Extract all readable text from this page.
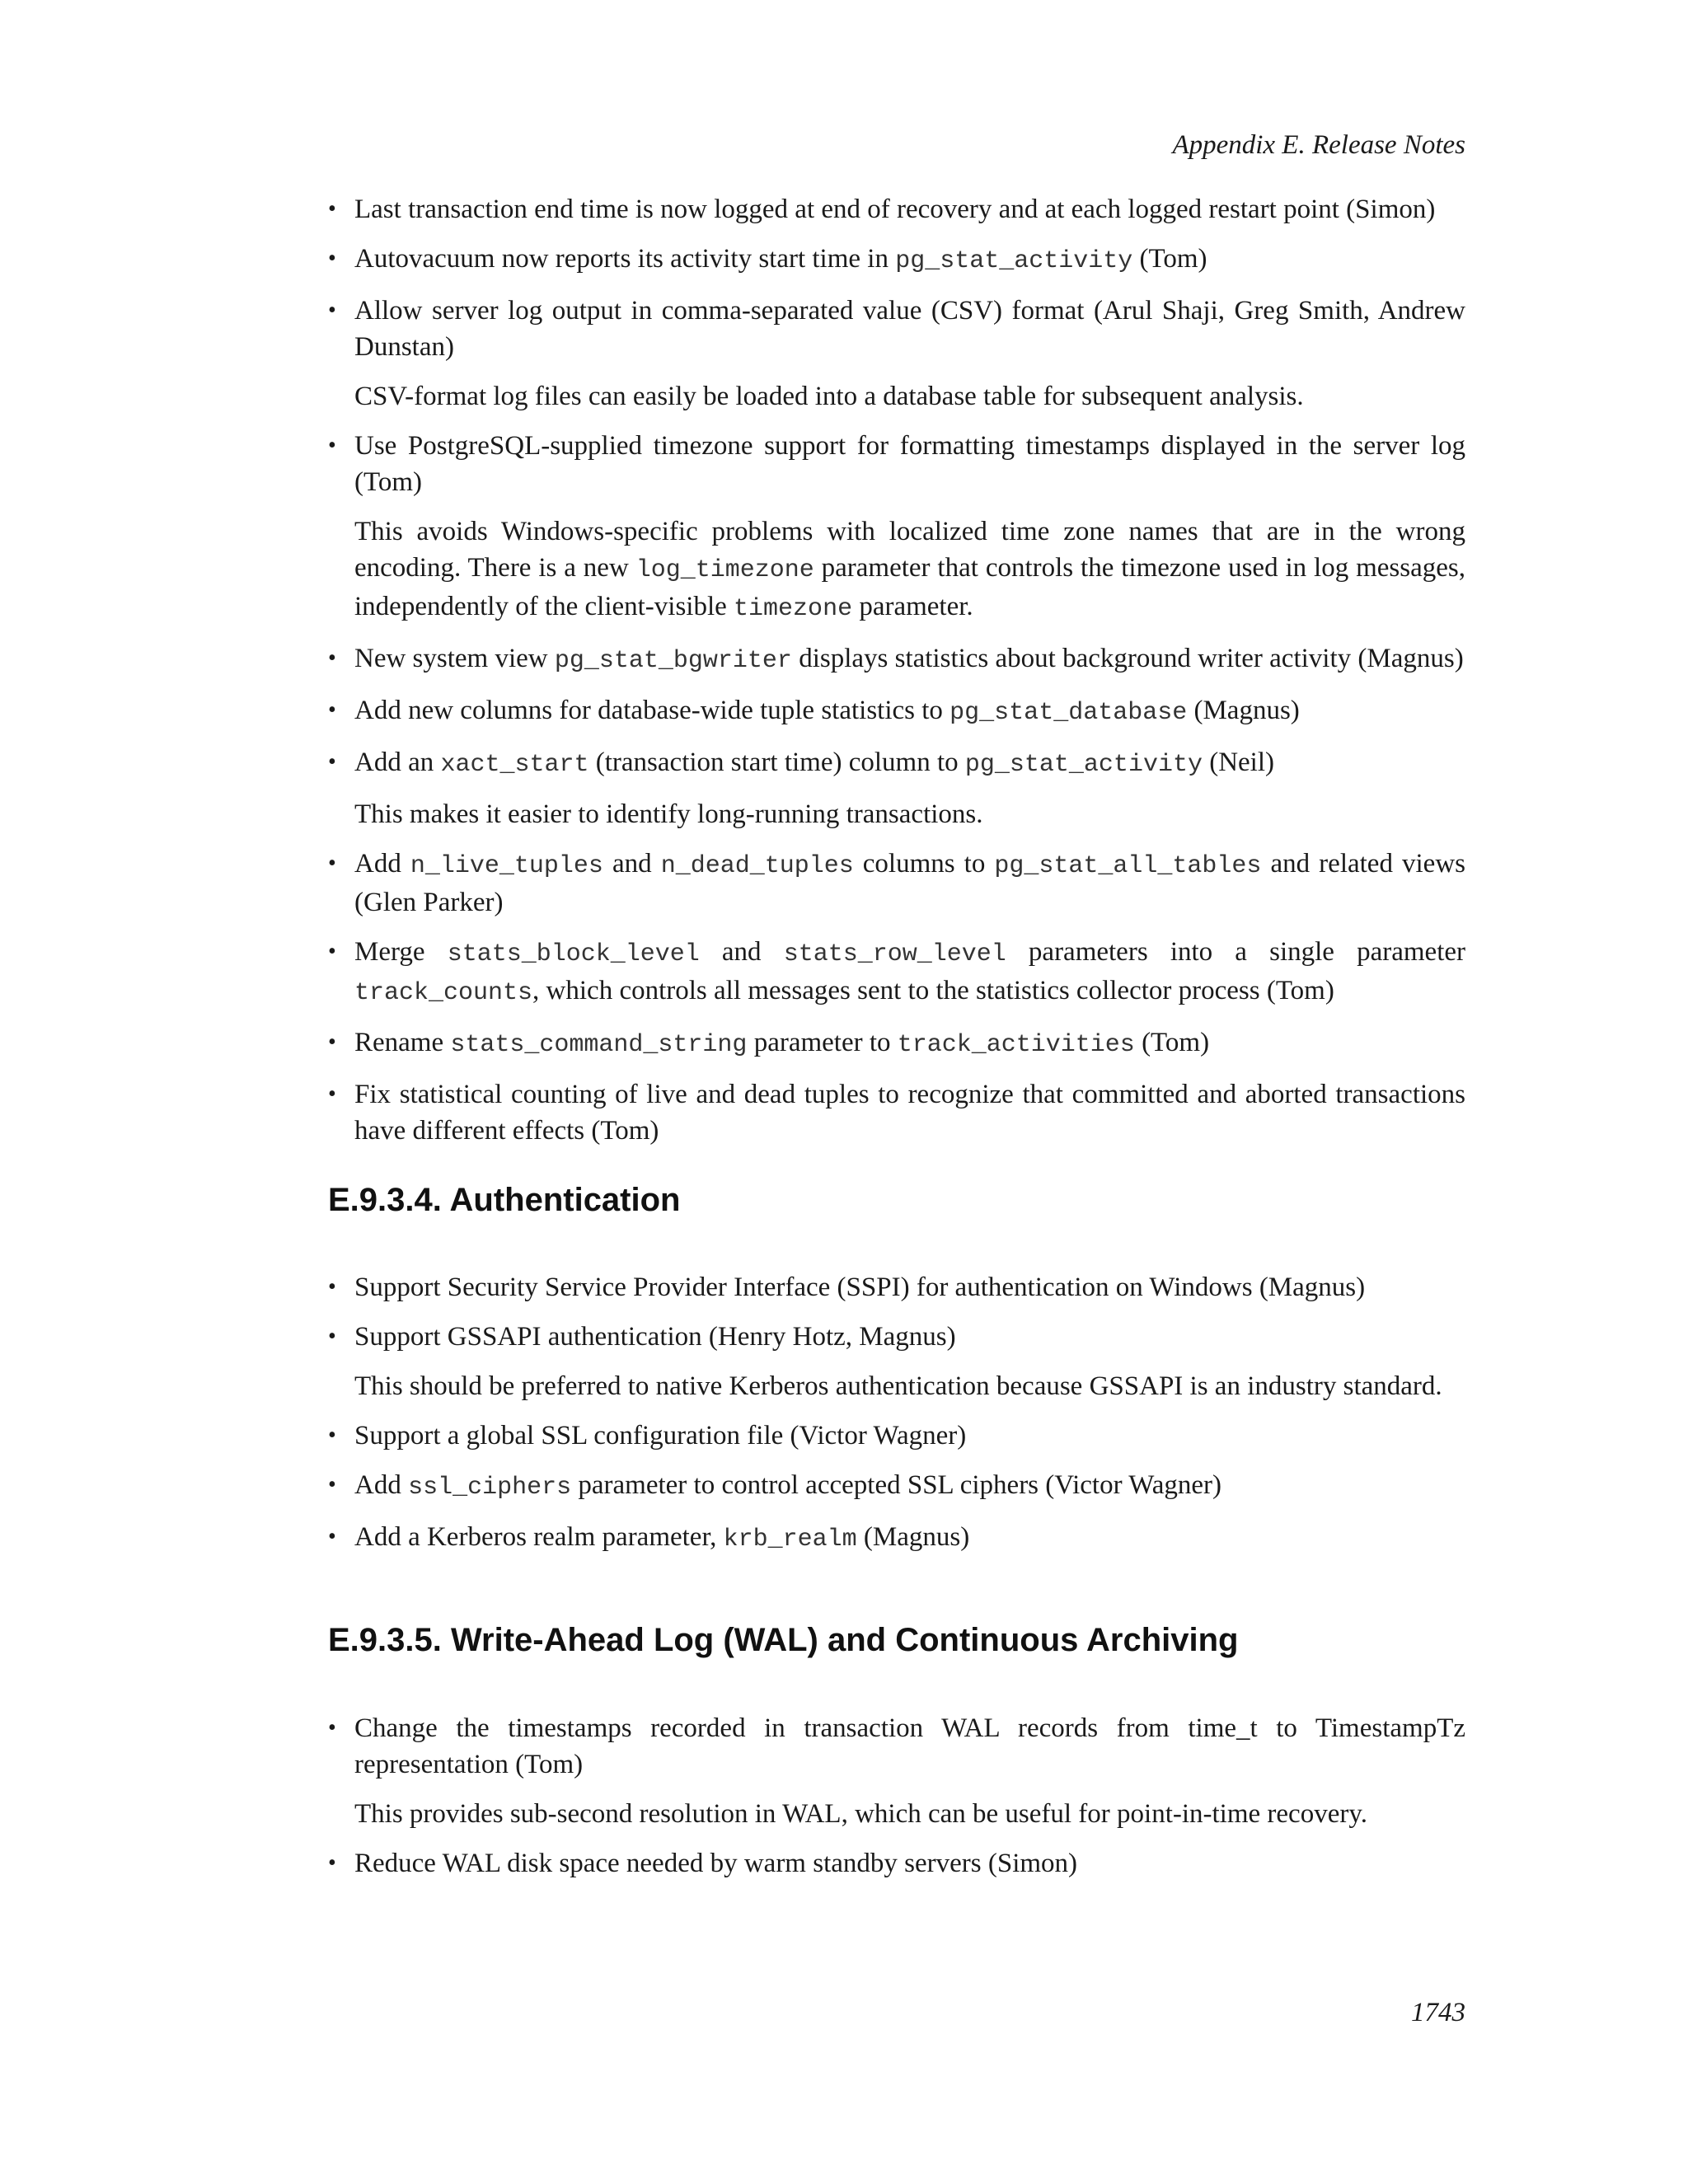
Appendix E. Release Notes
• Last transaction end time is now logged at end of recovery and at each logged restart point (Simon)
• Autovacuum now reports its activity start time in pg_stat_activity (Tom)
• Allow server log output in comma-separated value (CSV) format (Arul Shaji, Greg Smith, Andrew Dunstan)
CSV-format log files can easily be loaded into a database table for subsequent analysis.
• Use PostgreSQL-supplied timezone support for formatting timestamps displayed in the server log (Tom)
This avoids Windows-specific problems with localized time zone names that are in the wrong encoding. There is a new log_timezone parameter that controls the timezone used in log messages, independently of the client-visible timezone parameter.
• New system view pg_stat_bgwriter displays statistics about background writer activity (Magnus)
• Add new columns for database-wide tuple statistics to pg_stat_database (Magnus)
• Add an xact_start (transaction start time) column to pg_stat_activity (Neil)
This makes it easier to identify long-running transactions.
• Add n_live_tuples and n_dead_tuples columns to pg_stat_all_tables and related views (Glen Parker)
• Merge stats_block_level and stats_row_level parameters into a single parameter track_counts, which controls all messages sent to the statistics collector process (Tom)
• Rename stats_command_string parameter to track_activities (Tom)
• Fix statistical counting of live and dead tuples to recognize that committed and aborted transactions have different effects (Tom)
E.9.3.4. Authentication
• Support Security Service Provider Interface (SSPI) for authentication on Windows (Magnus)
• Support GSSAPI authentication (Henry Hotz, Magnus)
This should be preferred to native Kerberos authentication because GSSAPI is an industry standard.
• Support a global SSL configuration file (Victor Wagner)
• Add ssl_ciphers parameter to control accepted SSL ciphers (Victor Wagner)
• Add a Kerberos realm parameter, krb_realm (Magnus)
E.9.3.5. Write-Ahead Log (WAL) and Continuous Archiving
• Change the timestamps recorded in transaction WAL records from time_t to TimestampTz representation (Tom)
This provides sub-second resolution in WAL, which can be useful for point-in-time recovery.
• Reduce WAL disk space needed by warm standby servers (Simon)
1743
